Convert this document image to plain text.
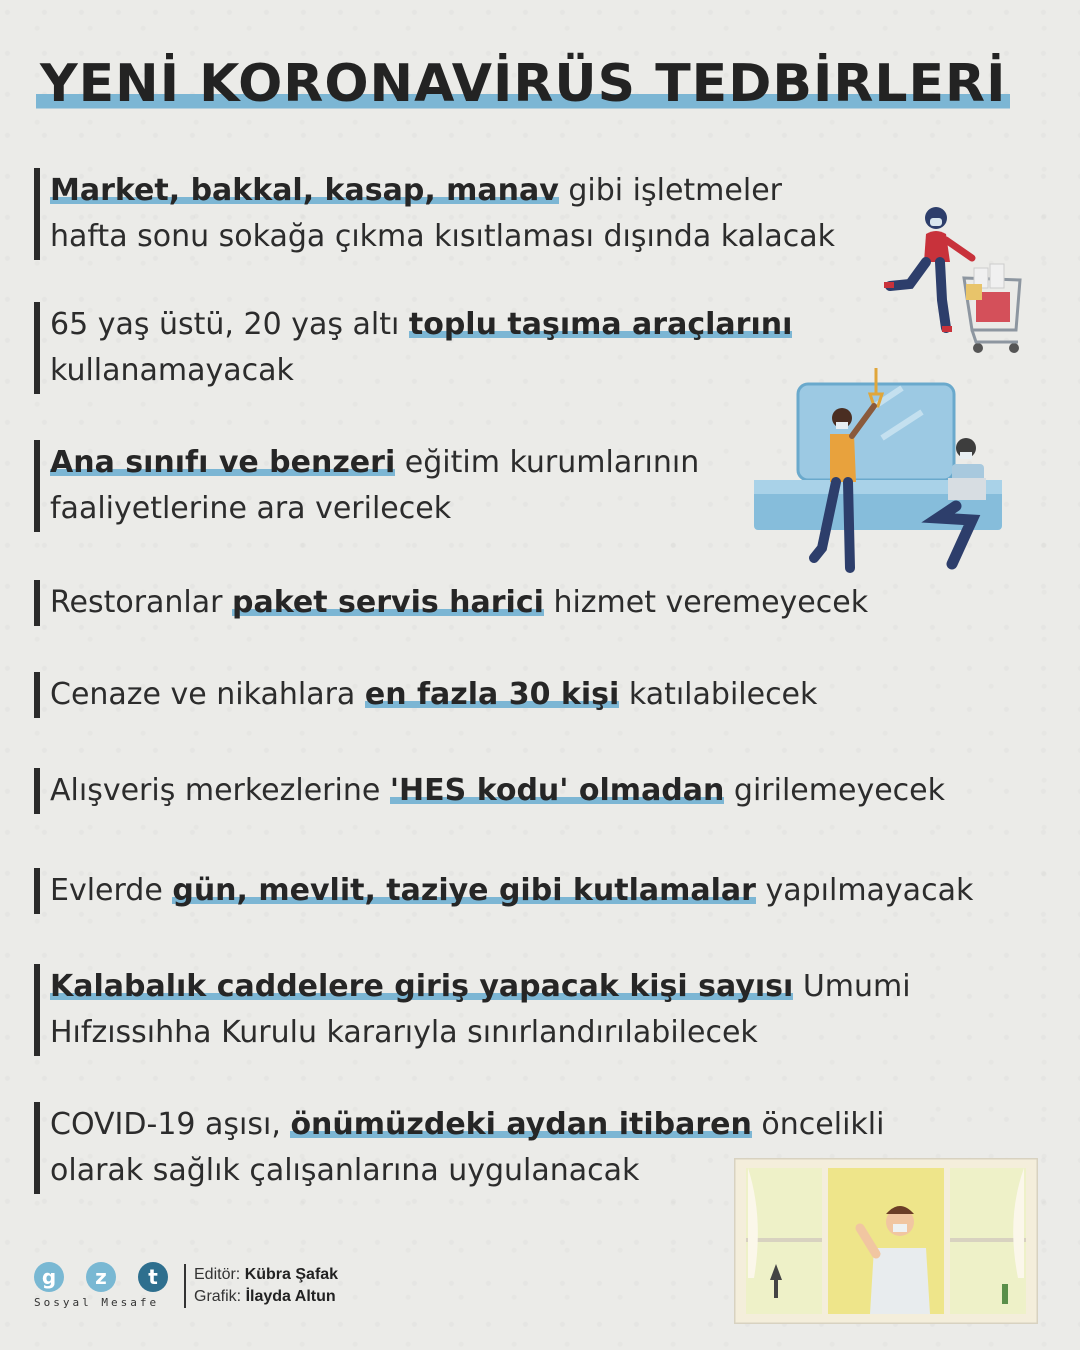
YENİ KORONAVİRÜS TEDBİRLERİ
Market, bakkal, kasap, manav gibi işletmeler
hafta sonu sokağa çıkma kısıtlaması dışında kalacak
65 yaş üstü, 20 yaş altı toplu taşıma araçlarını
kullanamayacak
Ana sınıfı ve benzeri eğitim kurumlarının
faaliyetlerine ara verilecek
Restoranlar paket servis harici hizmet veremeyecek
Cenaze ve nikahlara en fazla 30 kişi katılabilecek
Alışveriş merkezlerine 'HES kodu' olmadan girilemeyecek
Evlerde gün, mevlit, taziye gibi kutlamalar yapılmayacak
Kalabalık caddelere giriş yapacak kişi sayısı Umumi
Hıfzıssıhha Kurulu kararıyla sınırlandırılabilecek
COVID-19 aşısı, önümüzdeki aydan itibaren öncelikli
olarak sağlık çalışanlarına uygulanacak
g	z	t
Sosyal Mesafe
Editör: Kübra Şafak
Grafik: İlayda Altun
